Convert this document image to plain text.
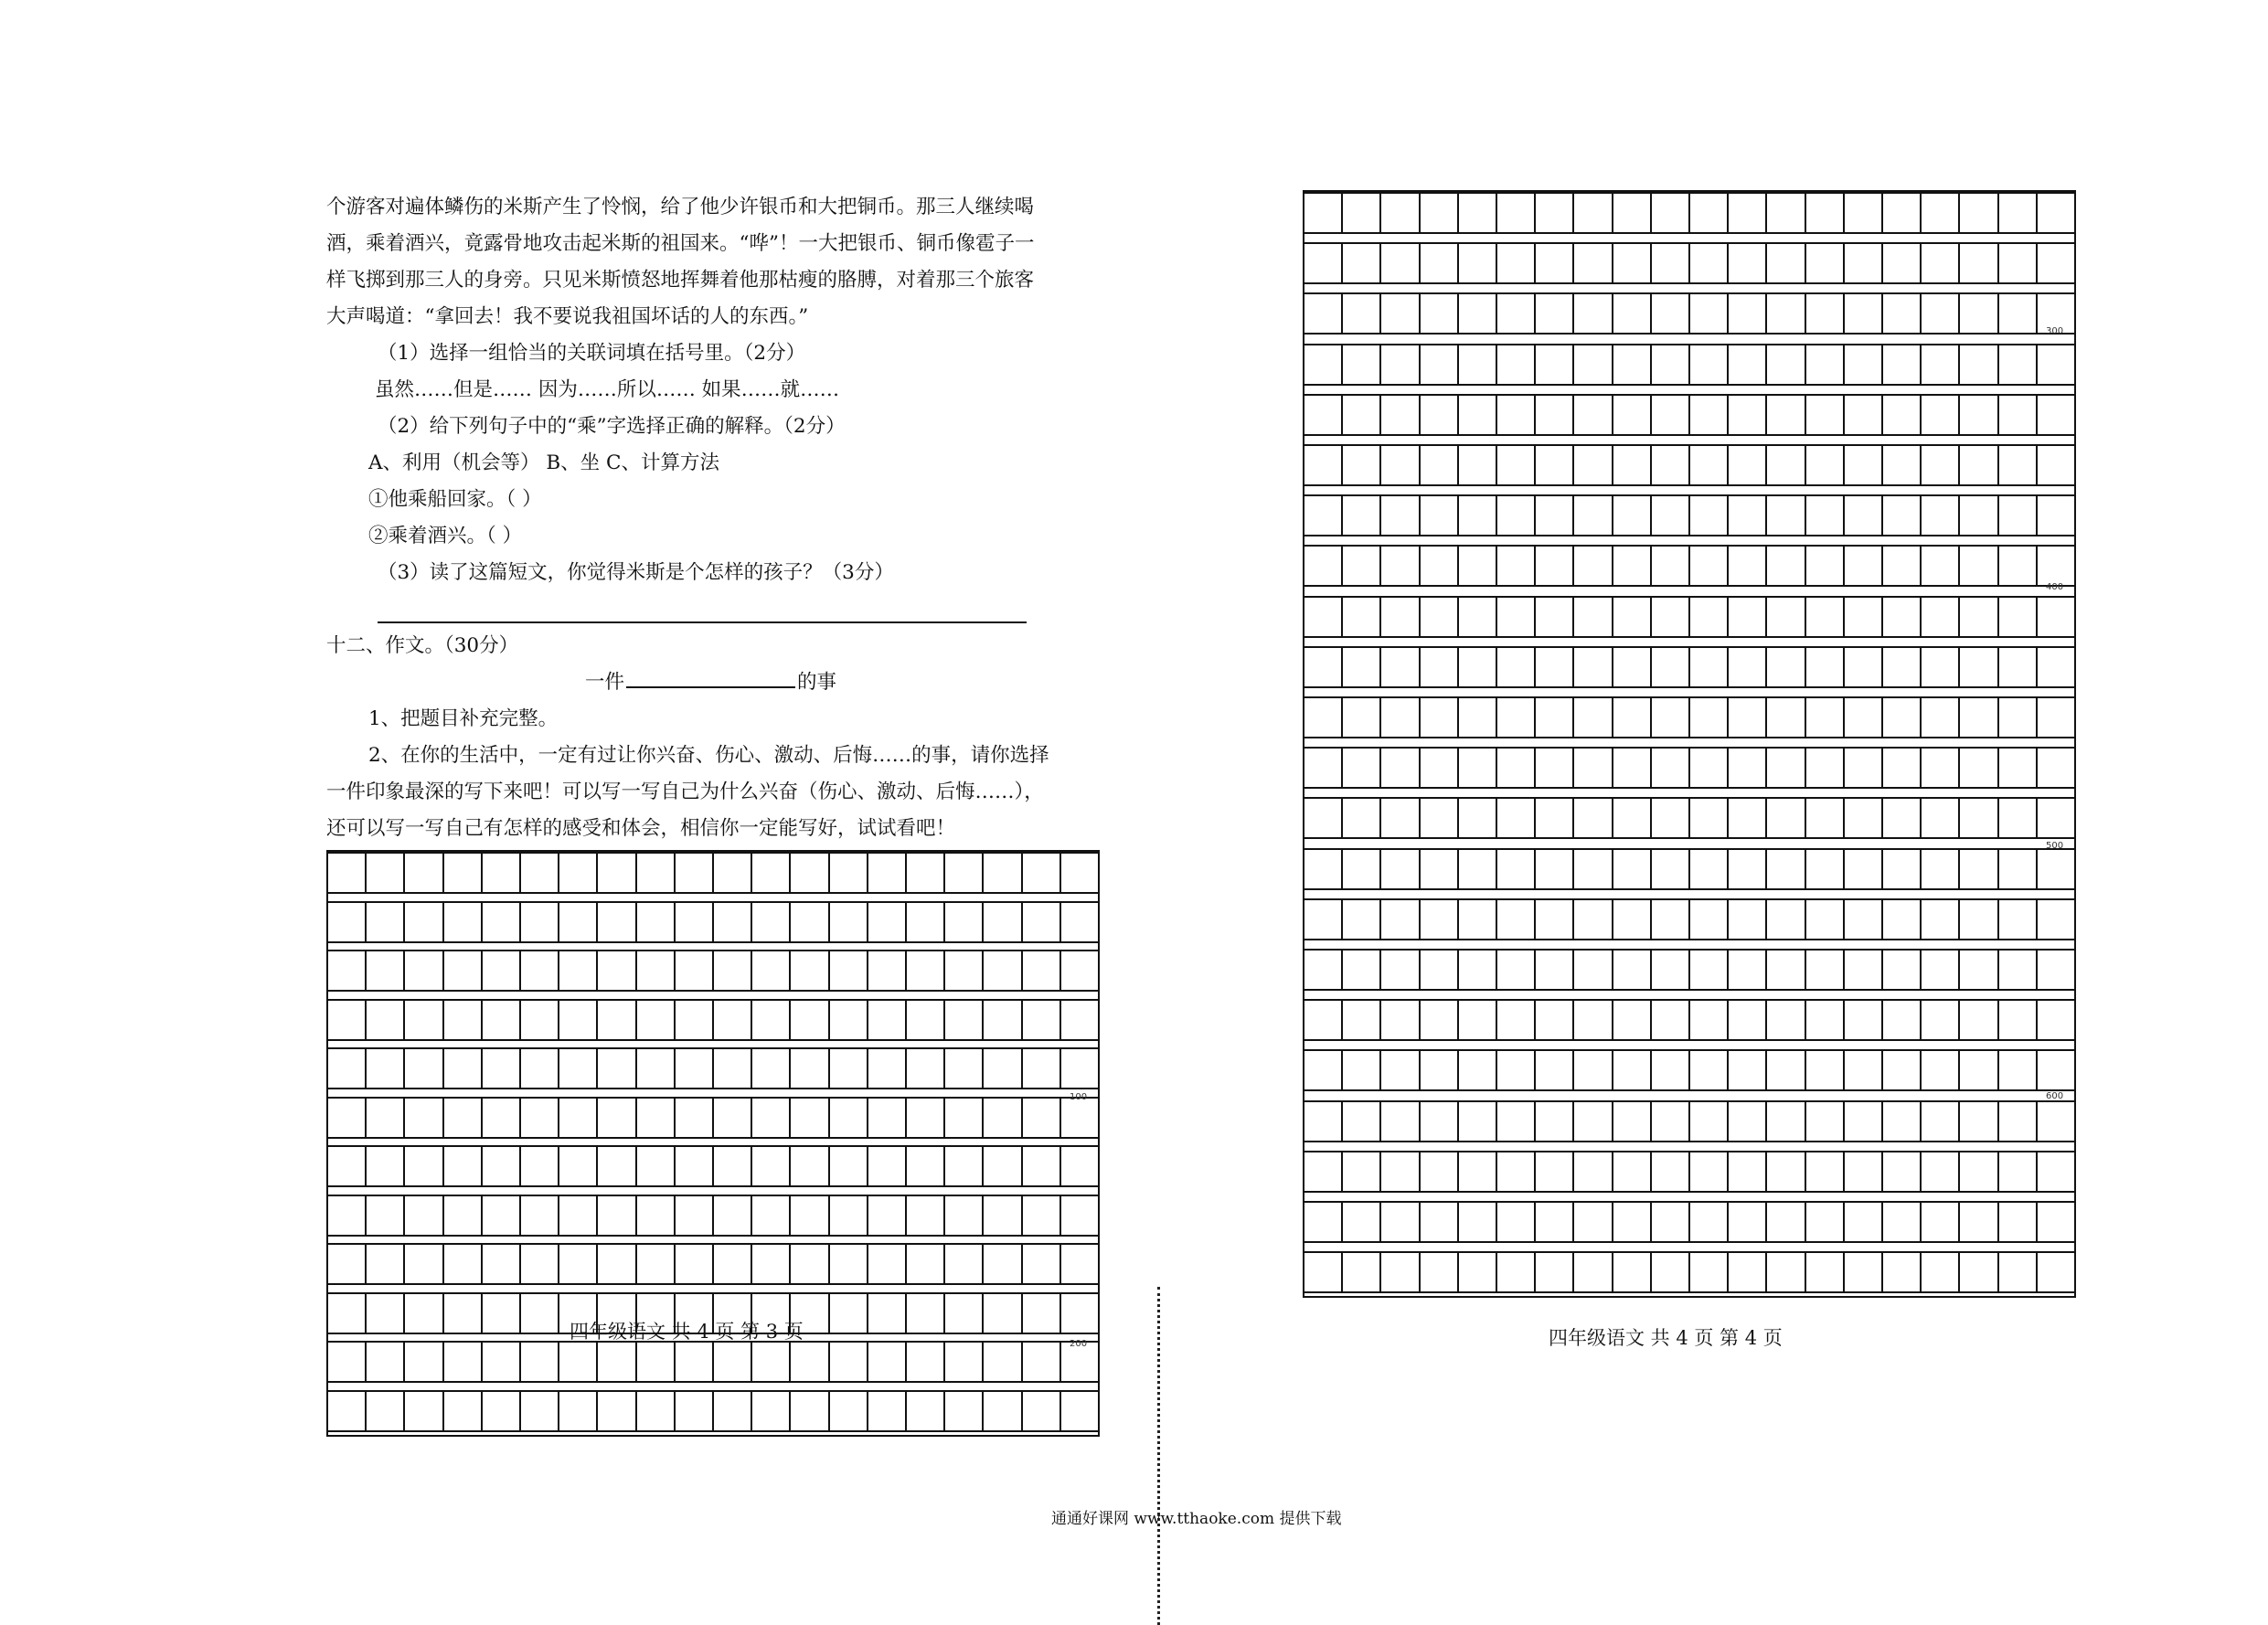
个游客对遍体鳞伤的米斯产生了怜悯，给了他少许银币和大把铜币。那三人继续喝
酒，乘着酒兴，竟露骨地攻击起米斯的祖国来。“哗”！一大把银币、铜币像雹子一
样飞掷到那三人的身旁。只见米斯愤怒地挥舞着他那枯瘦的胳膊，对着那三个旅客
大声喝道：“拿回去！我不要说我祖国坏话的人的东西。”
（1）选择一组恰当的关联词填在括号里。（2分）
虽然……但是…… 因为……所以…… 如果……就……
（2）给下列句子中的“乘”字选择正确的解释。（2分）
A、利用（机会等） B、坐 C、计算方法
①他乘船回家。（ ）
②乘着酒兴。（ ）
（3）读了这篇短文，你觉得米斯是个怎样的孩子？（3分）
十二、作文。（30分）
一件	的事
1、把题目补充完整。
2、在你的生活中，一定有过让你兴奋、伤心、激动、后悔……的事，请你选择
一件印象最深的写下来吧！可以写一写自己为什么兴奋（伤心、激动、后悔……），
还可以写一写自己有怎样的感受和体会，相信你一定能写好，试试看吧！
100
200
四年级语文 共 4 页 第 3 页
300
400
500
600
四年级语文 共 4 页 第 4 页
通通好课网 www.tthaoke.com 提供下载
